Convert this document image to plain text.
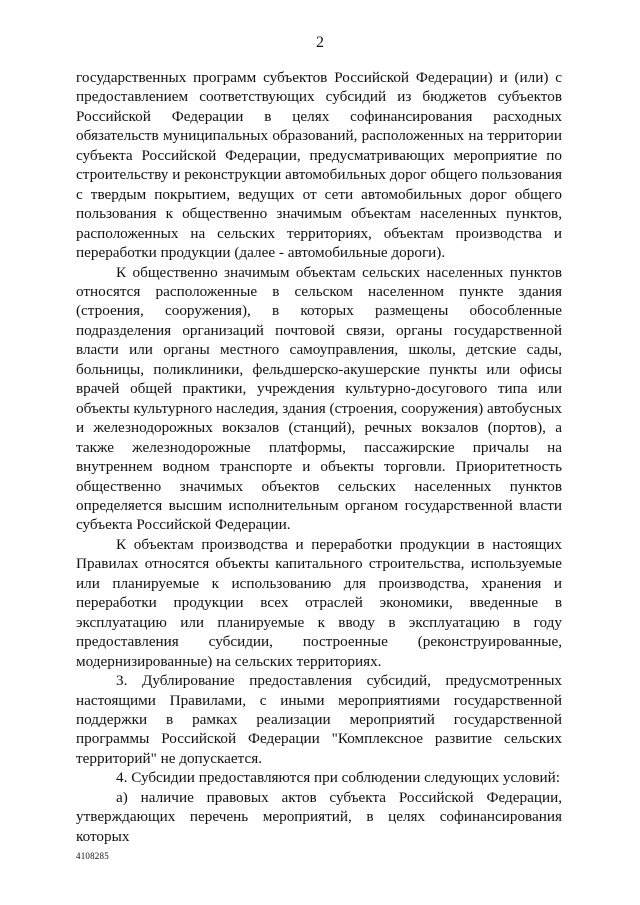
2

государственных программ субъектов Российской Федерации) и (или) с предоставлением соответствующих субсидий из бюджетов субъектов Российской Федерации в целях софинансирования расходных обязательств муниципальных образований, расположенных на территории субъекта Российской Федерации, предусматривающих мероприятие по строительству и реконструкции автомобильных дорог общего пользования с твердым покрытием, ведущих от сети автомобильных дорог общего пользования к общественно значимым объектам населенных пунктов, расположенных на сельских территориях, объектам производства и переработки продукции (далее - автомобильные дороги).

К общественно значимым объектам сельских населенных пунктов относятся расположенные в сельском населенном пункте здания (строения, сооружения), в которых размещены обособленные подразделения организаций почтовой связи, органы государственной власти или органы местного самоуправления, школы, детские сады, больницы, поликлиники, фельдшерско-акушерские пункты или офисы врачей общей практики, учреждения культурно-досугового типа или объекты культурного наследия, здания (строения, сооружения) автобусных и железнодорожных вокзалов (станций), речных вокзалов (портов), а также железнодорожные платформы, пассажирские причалы на внутреннем водном транспорте и объекты торговли. Приоритетность общественно значимых объектов сельских населенных пунктов определяется высшим исполнительным органом государственной власти субъекта Российской Федерации.

К объектам производства и переработки продукции в настоящих Правилах относятся объекты капитального строительства, используемые или планируемые к использованию для производства, хранения и переработки продукции всех отраслей экономики, введенные в эксплуатацию или планируемые к вводу в эксплуатацию в году предоставления субсидии, построенные (реконструированные, модернизированные) на сельских территориях.

3. Дублирование предоставления субсидий, предусмотренных настоящими Правилами, с иными мероприятиями государственной поддержки в рамках реализации мероприятий государственной программы Российской Федерации "Комплексное развитие сельских территорий" не допускается.

4. Субсидии предоставляются при соблюдении следующих условий:

а) наличие правовых актов субъекта Российской Федерации, утверждающих перечень мероприятий, в целях софинансирования которых

4108285
